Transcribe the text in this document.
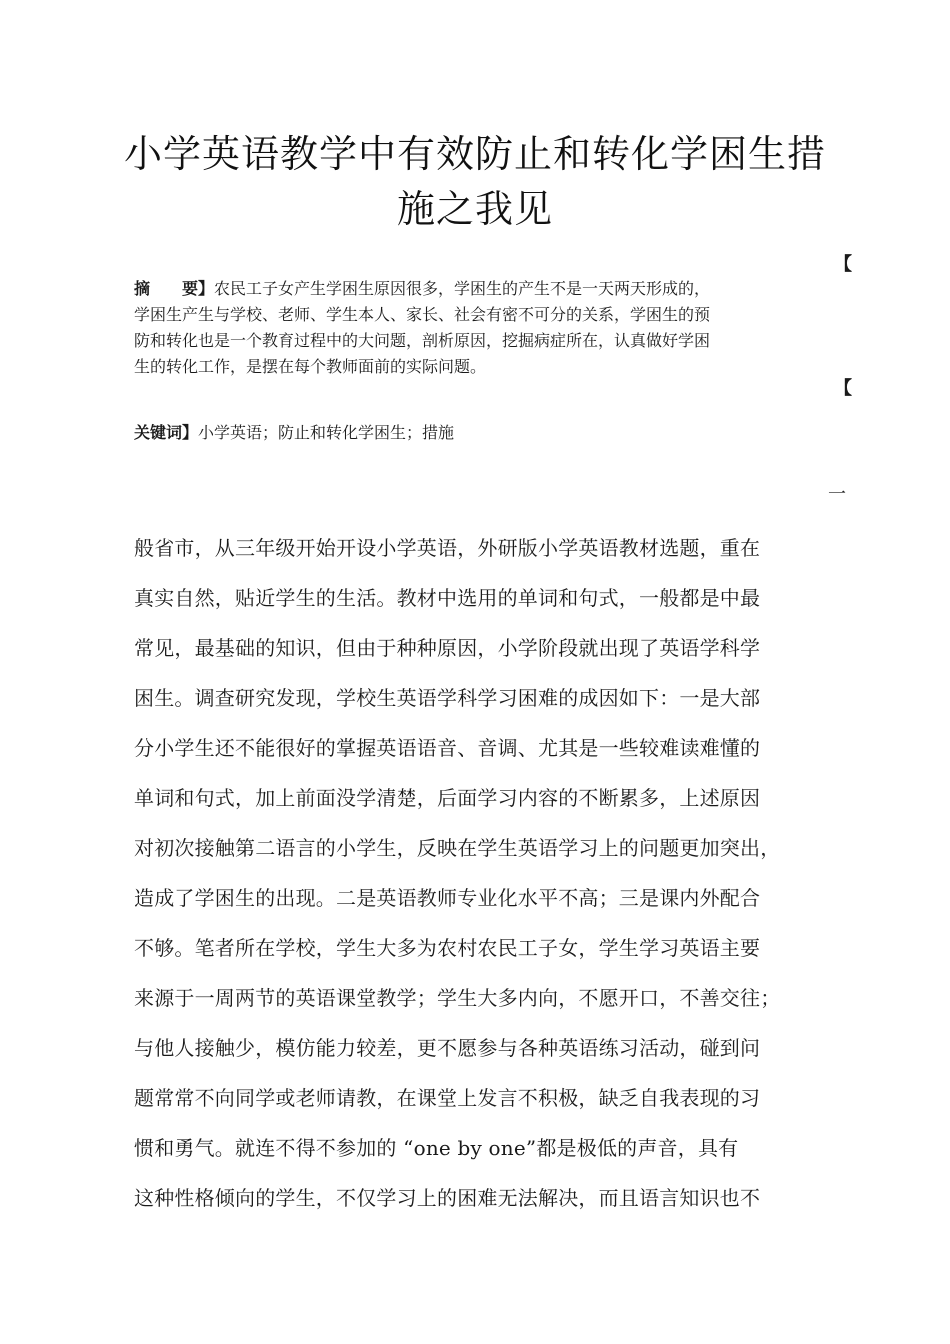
小学英语教学中有效防止和转化学困生措
施之我见
【
摘　　要】农民工子女产生学困生原因很多，学困生的产生不是一天两天形成的，
学困生产生与学校、老师、学生本人、家长、社会有密不可分的关系，学困生的预
防和转化也是一个教育过程中的大问题，剖析原因，挖掘病症所在，认真做好学困
生的转化工作，是摆在每个教师面前的实际问题。
【
关键词】小学英语；防止和转化学困生；措施
一
般省市，从三年级开始开设小学英语，外研版小学英语教材选题，重在
真实自然，贴近学生的生活。教材中选用的单词和句式，一般都是中最
常见，最基础的知识，但由于种种原因，小学阶段就出现了英语学科学
困生。调查研究发现，学校生英语学科学习困难的成因如下：一是大部
分小学生还不能很好的掌握英语语音、音调、尤其是一些较难读难懂的
单词和句式，加上前面没学清楚，后面学习内容的不断累多，上述原因
对初次接触第二语言的小学生，反映在学生英语学习上的问题更加突出，
造成了学困生的出现。二是英语教师专业化水平不高；三是课内外配合
不够。笔者所在学校，学生大多为农村农民工子女，学生学习英语主要
来源于一周两节的英语课堂教学；学生大多内向，不愿开口，不善交往；
与他人接触少，模仿能力较差，更不愿参与各种英语练习活动，碰到问
题常常不向同学或老师请教，在课堂上发言不积极，缺乏自我表现的习
惯和勇气。就连不得不参加的 “one by one”都是极低的声音，具有
这种性格倾向的学生，不仅学习上的困难无法解决，而且语言知识也不
